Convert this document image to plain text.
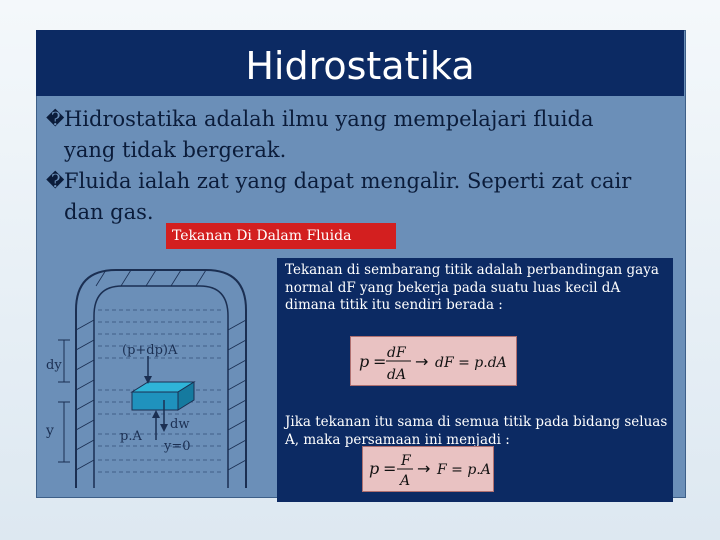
Hidrostatika
� Hidrostatika adalah ilmu yang mempelajari fluida
yang tidak bergerak.
� Fluida ialah zat yang dapat mengalir. Seperti zat cair
dan gas.
Tekanan Di Dalam Fluida
dy
y
(p+dp)A
p.A
dw
y=0
Tekanan di sembarang titik adalah perbandingan gaya normal dF yang bekerja pada suatu luas kecil dA dimana titik itu sendiri berada :
Jika tekanan itu sama di semua titik pada bidang seluas A, maka persamaan ini menjadi :
p = dF
dA
→ dF = p.dA
p = F
A
→ F = p.A
